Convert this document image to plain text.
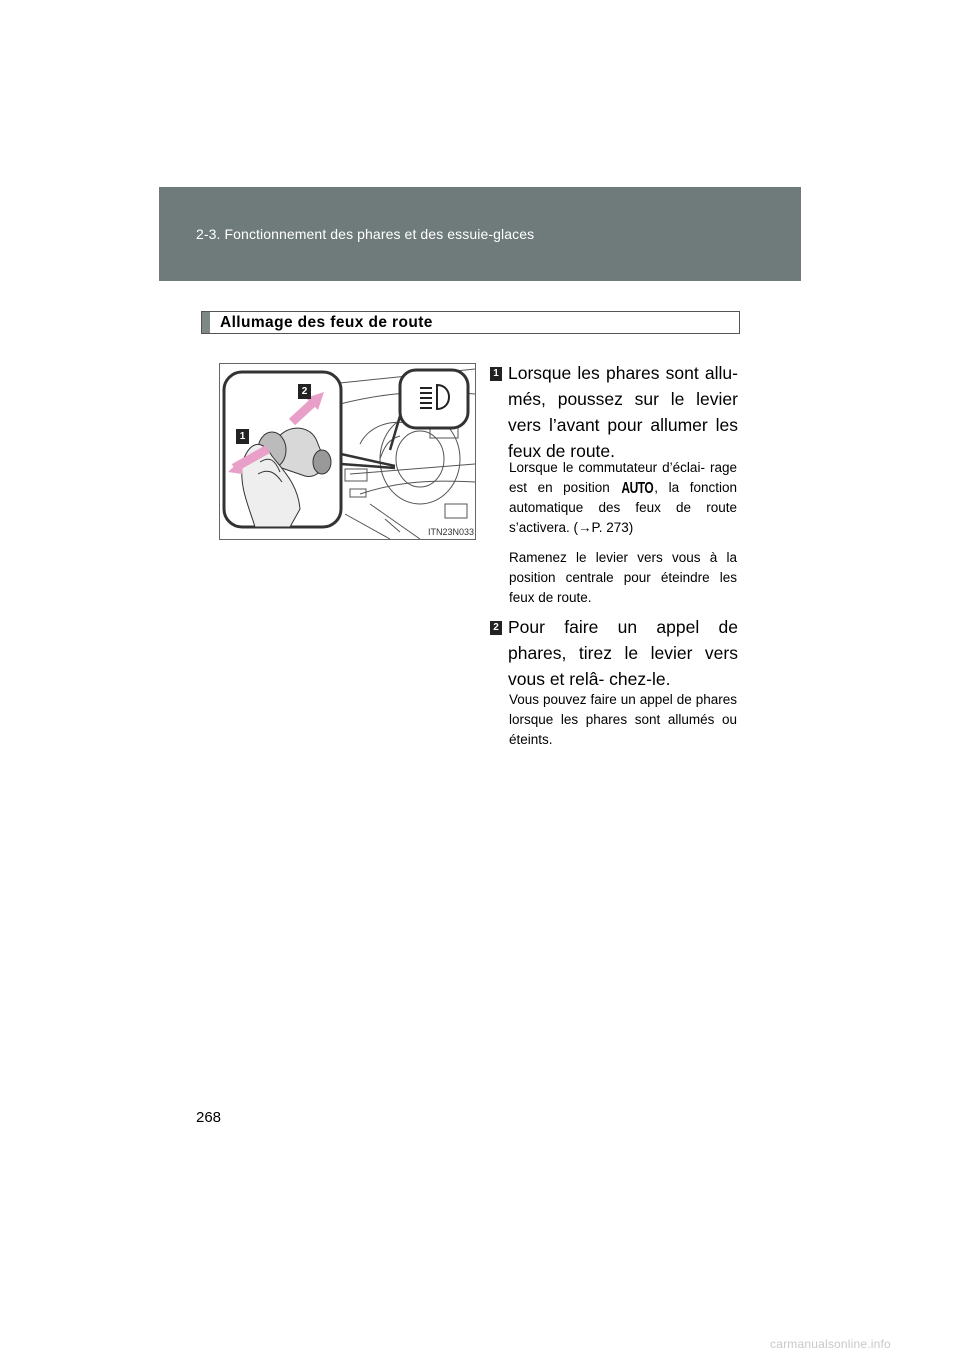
2-3. Fonctionnement des phares et des essuie-glaces
Allumage des feux de route
1
2
ITN23N033
1 Lorsque les phares sont allu- més, poussez sur le levier vers l’avant pour allumer les feux de route.
Lorsque le commutateur d’éclai- rage est en position AUTO, la fonction automatique des feux de route s’activera. (→P. 273)
Ramenez le levier vers vous à la position centrale pour éteindre les feux de route.
2 Pour faire un appel de phares, tirez le levier vers vous et relâ- chez-le.
Vous pouvez faire un appel de phares lorsque les phares sont allumés ou éteints.
268
carmanualsonline.info
